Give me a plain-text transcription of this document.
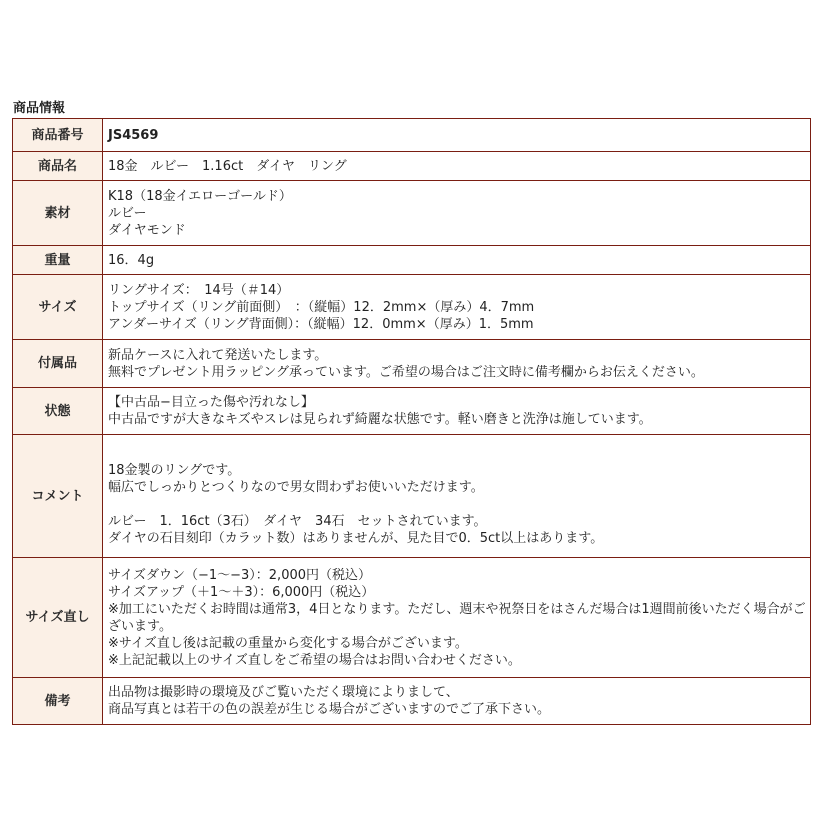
商品情報
商品番号	JS4569

商品名	18金　ルビー　1.16ct　ダイヤ　リング

素材	K18（18金イエローゴールド）
ルビー
ダイヤモンド

重量	16．4g

サイズ	リングサイズ：　14号（＃14）
トップサイズ（リング前面側）　：（縦幅）12．2mm×（厚み）4．7mm
アンダーサイズ（リング背面側）：（縦幅）12．0mm×（厚み）1．5mm

付属品	新品ケースに入れて発送いたします。
無料でプレゼント用ラッピング承っています。ご希望の場合はご注文時に備考欄からお伝えください。

状態	【中古品−目立った傷や汚れなし】
中古品ですが大きなキズやスレは見られず綺麗な状態です。軽い磨きと洗浄は施しています。

コメント	18金製のリングです。
幅広でしっかりとつくりなので男女問わずお使いいただけます。
ルビー　1．16ct（3石）　ダイヤ　34石　セットされています。
ダイヤの石目刻印（カラット数）はありませんが、見た目で0．5ct以上はあります。

サイズ直し	サイズダウン（−1〜−3）：2,000円（税込）
サイズアップ（＋1〜＋3）：6,000円（税込）
※加工にいただくお時間は通常3，4日となります。ただし、週末や祝祭日をはさんだ場合は1週間前後いただく場合がございます。
※サイズ直し後は記載の重量から変化する場合がございます。
※上記記載以上のサイズ直しをご希望の場合はお問い合わせください。

備考	出品物は撮影時の環境及びご覧いただく環境によりまして、
商品写真とは若干の色の誤差が生じる場合がございますのでご了承下さい。
